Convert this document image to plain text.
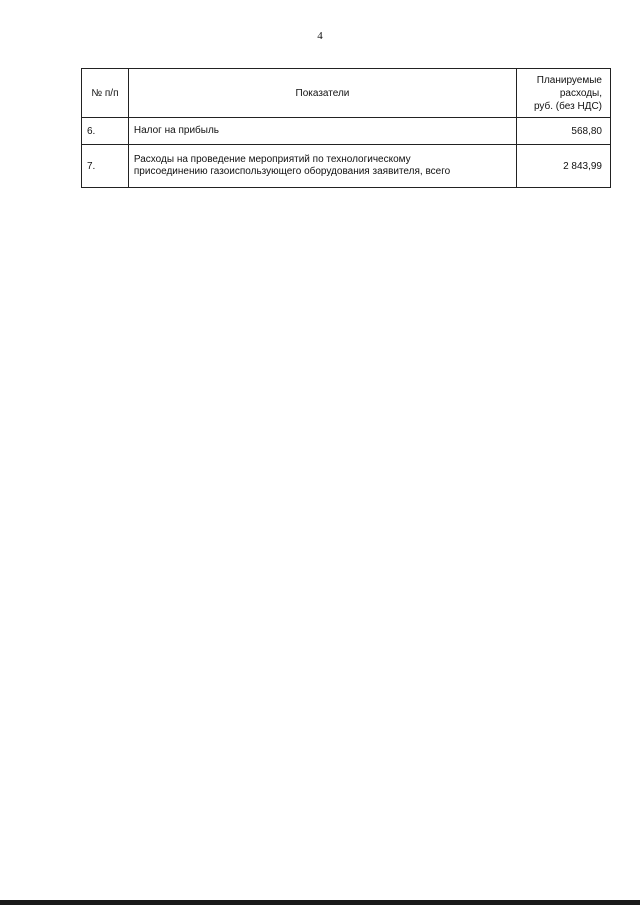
4
№ п/п	Показатели	Планируемые
расходы,
руб. (без НДС)

6.	Налог на прибыль	568,80
7.	Расходы на проведение мероприятий по технологическому
присоединению газоиспользующего оборудования заявителя, всего	2 843,99
